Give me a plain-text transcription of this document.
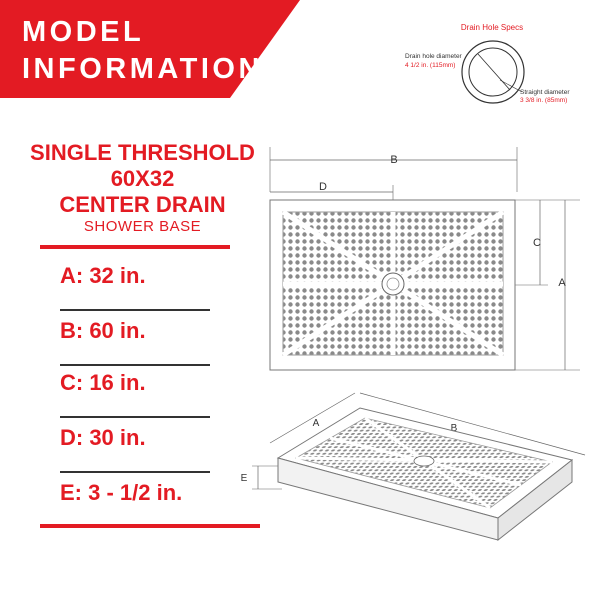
MODEL
INFORMATION
SINGLE THRESHOLD
60X32
CENTER DRAIN
SHOWER BASE
A: 32 in.
B: 60 in.
C: 16 in.
D: 30 in.
E: 3 - 1/2 in.
Drain Hole Specs
Drain hole diameter
4 1/2 in. (115mm)
Straight diameter
3 3/8 in. (85mm)
B
D
C
A
A	B
E
